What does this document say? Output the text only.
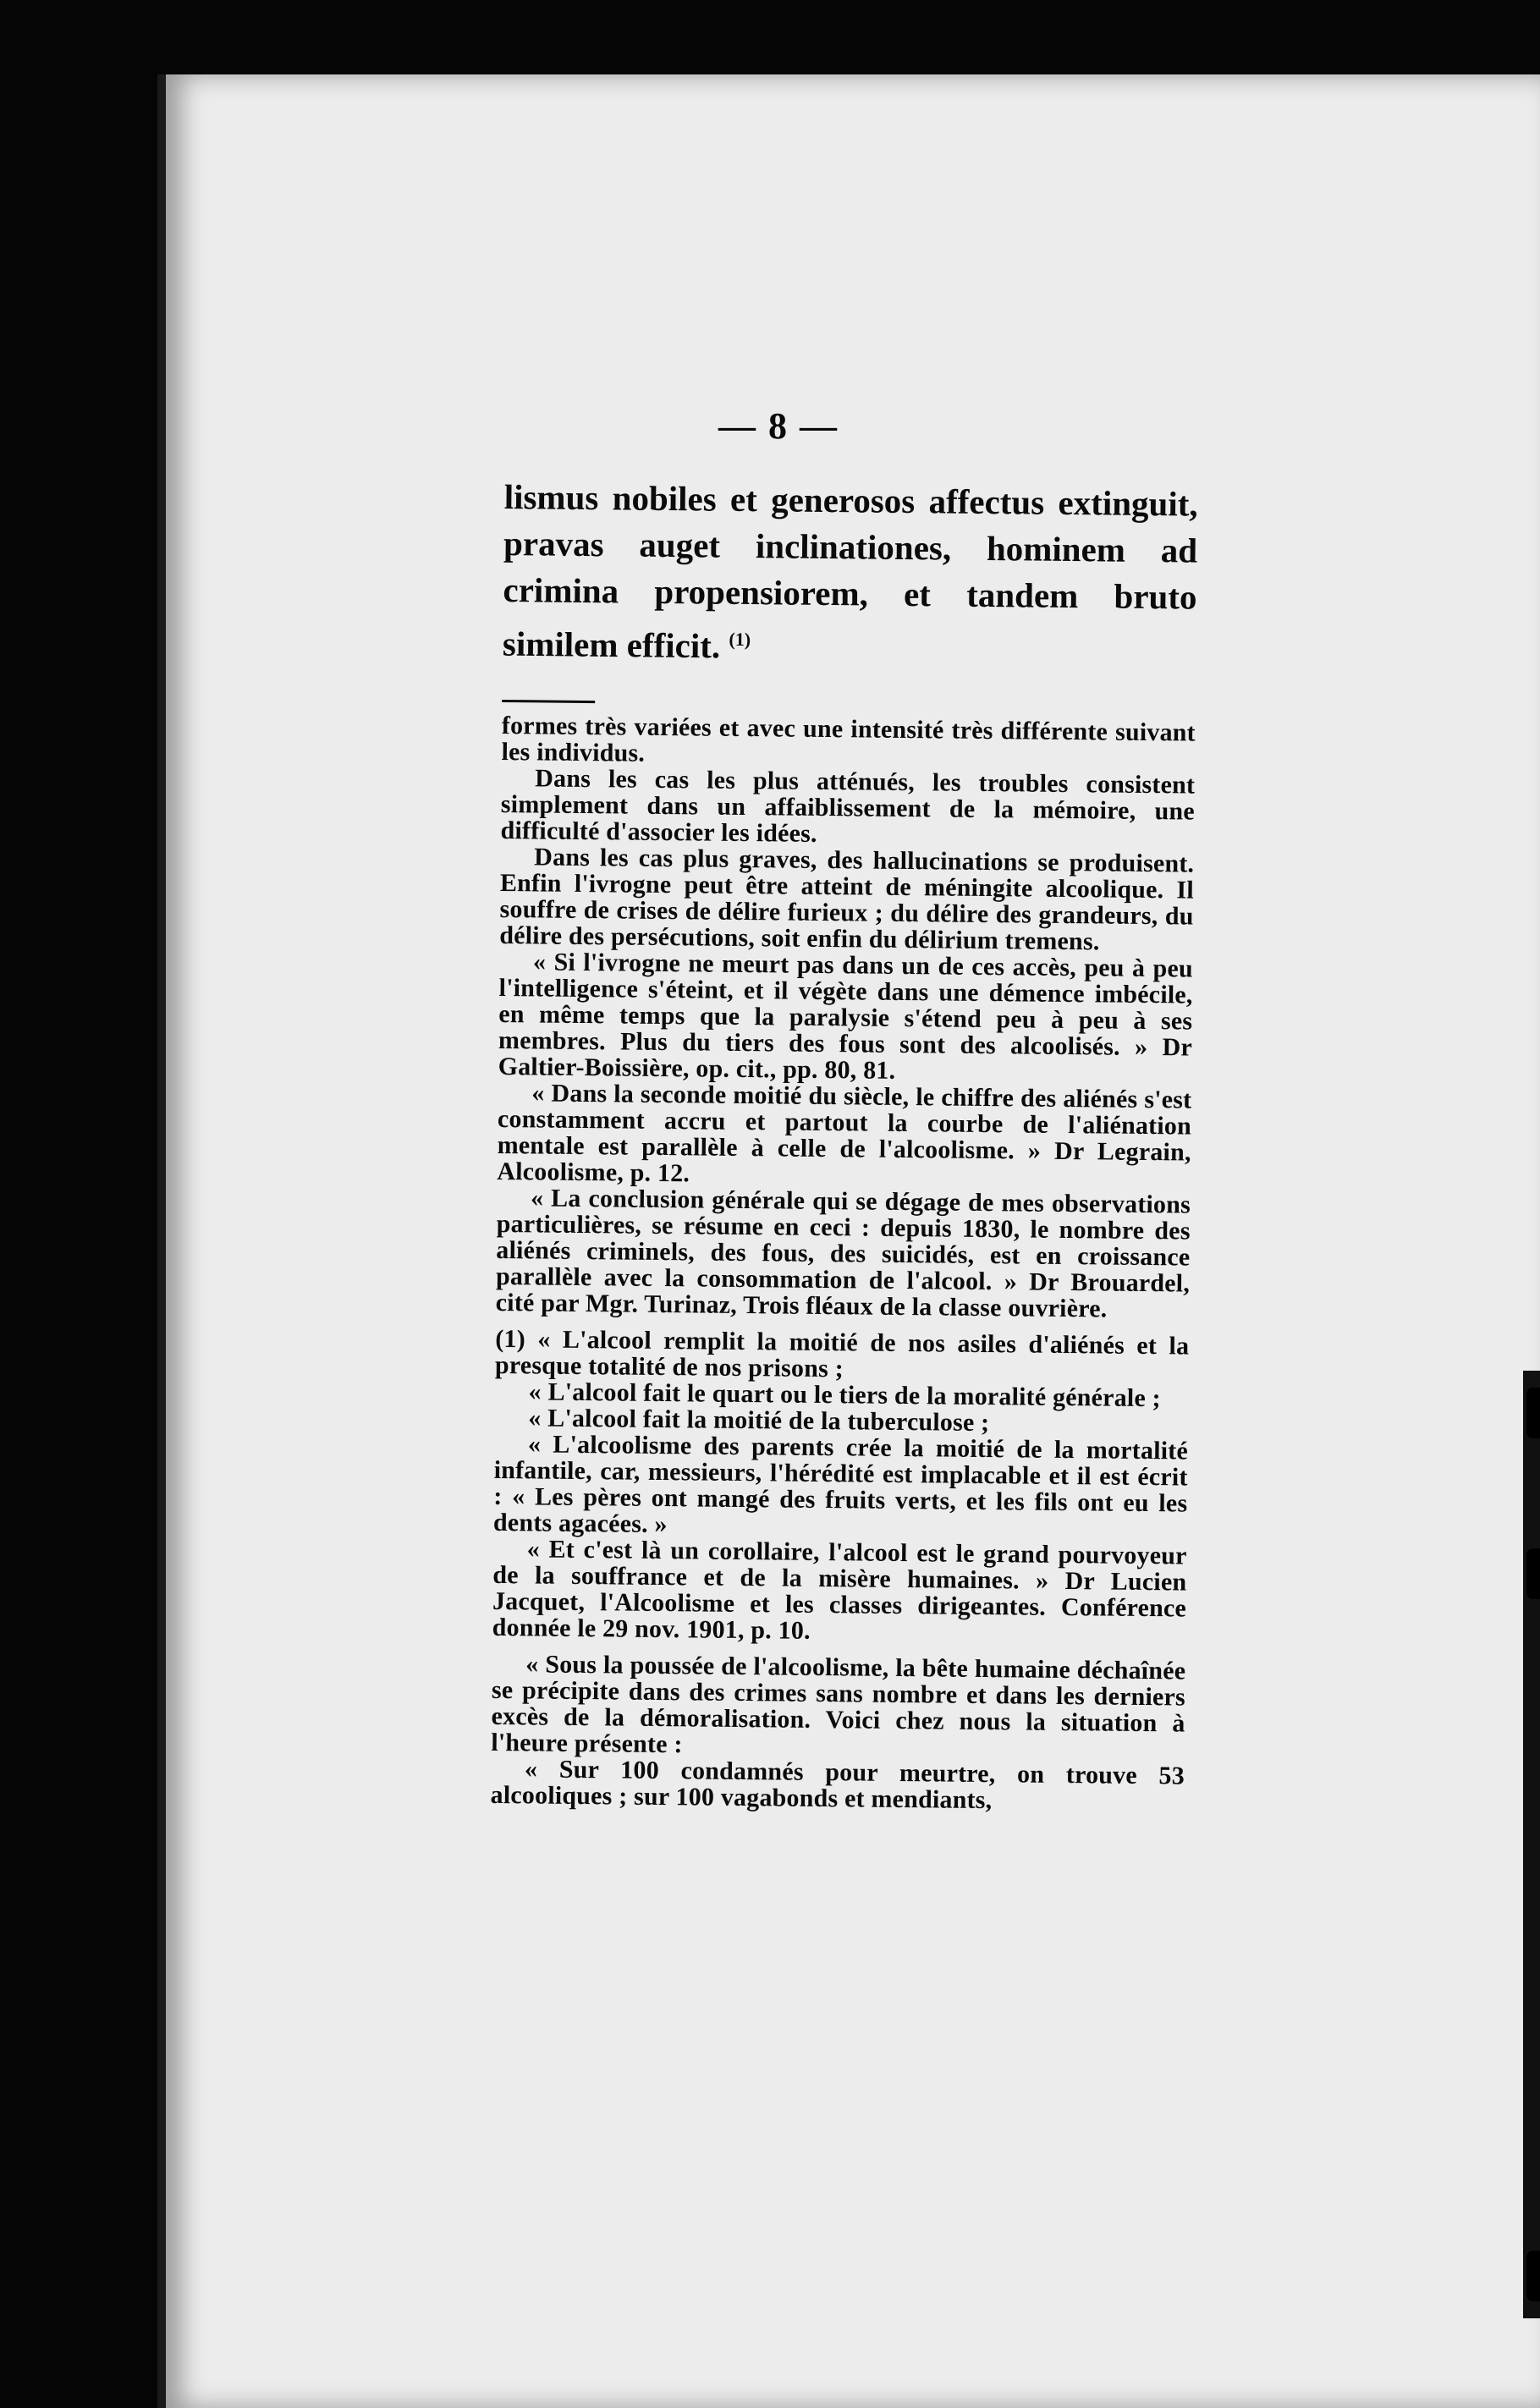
— 8 —

lismus nobiles et generosos affectus extinguit, pravas auget inclinationes, hominem ad crimina propensiorem, et tandem bruto similem efficit. $^{(1)}$

formes très variées et avec une intensité très différente suivant les individus.

Dans les cas les plus atténués, les troubles consistent simplement dans un affaiblissement de la mémoire, une difficulté d'associer les idées.

Dans les cas plus graves, des hallucinations se produisent. Enfin l'ivrogne peut être atteint de méningite alcoolique. Il souffre de crises de délire furieux ; du délire des grandeurs, du délire des persécutions, soit enfin du délirium tremens.

« Si l'ivrogne ne meurt pas dans un de ces accès, peu à peu l'intelligence s'éteint, et il végète dans une démence imbécile, en même temps que la paralysie s'étend peu à peu à ses membres. Plus du tiers des fous sont des alcoolisés. » Dr Galtier-Boissière, op. cit., pp. 80, 81.

« Dans la seconde moitié du siècle, le chiffre des aliénés s'est constamment accru et partout la courbe de l'aliénation mentale est parallèle à celle de l'alcoolisme. » Dr Legrain, Alcoolisme, p. 12.

« La conclusion générale qui se dégage de mes observations particulières, se résume en ceci : depuis 1830, le nombre des aliénés criminels, des fous, des suicidés, est en croissance parallèle avec la consommation de l'alcool. » Dr Brouardel, cité par Mgr. Turinaz, Trois fléaux de la classe ouvrière.

(1) « L'alcool remplit la moitié de nos asiles d'aliénés et la presque totalité de nos prisons ;

« L'alcool fait le quart ou le tiers de la moralité générale ;

« L'alcool fait la moitié de la tuberculose ;

« L'alcoolisme des parents crée la moitié de la mortalité infantile, car, messieurs, l'hérédité est implacable et il est écrit : « Les pères ont mangé des fruits verts, et les fils ont eu les dents agacées. »

« Et c'est là un corollaire, l'alcool est le grand pourvoyeur de la souffrance et de la misère humaines. » Dr Lucien Jacquet, l'Alcoolisme et les classes dirigeantes. Conférence donnée le 29 nov. 1901, p. 10.

« Sous la poussée de l'alcoolisme, la bête humaine déchaînée se précipite dans des crimes sans nombre et dans les derniers excès de la démoralisation. Voici chez nous la situation à l'heure présente :

« Sur 100 condamnés pour meurtre, on trouve 53 alcooliques ; sur 100 vagabonds et mendiants,
